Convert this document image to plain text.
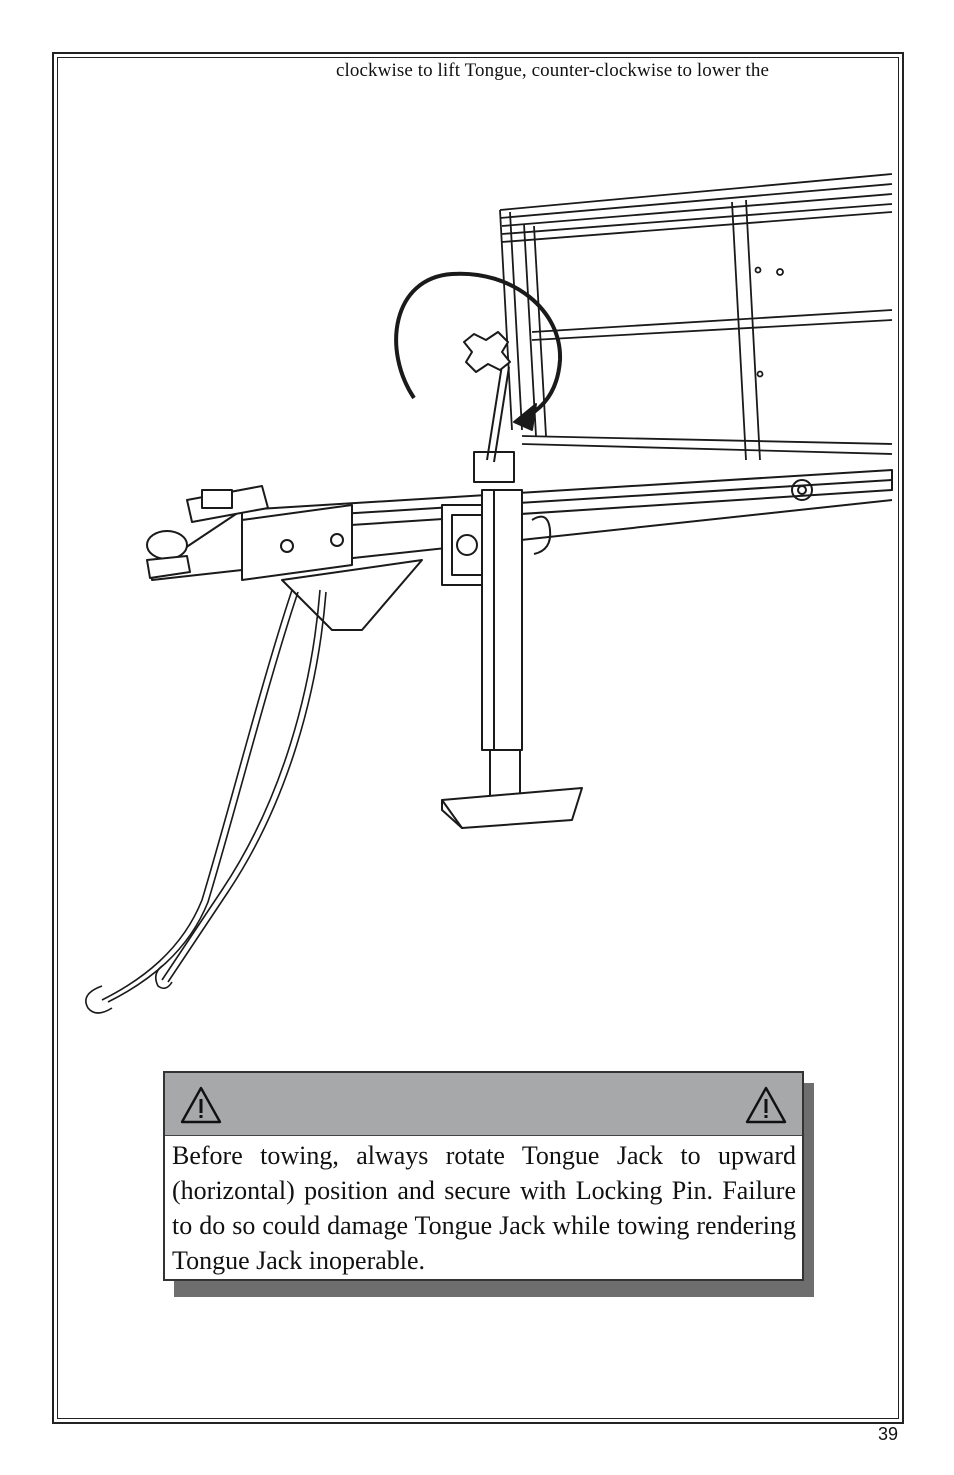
clockwise to lift Tongue, counter-clockwise to lower the
Before towing, always rotate Tongue Jack to upward (horizontal) position and secure with Locking Pin. Failure to do so could damage Tongue Jack while towing rendering Tongue Jack inoperable.
39
